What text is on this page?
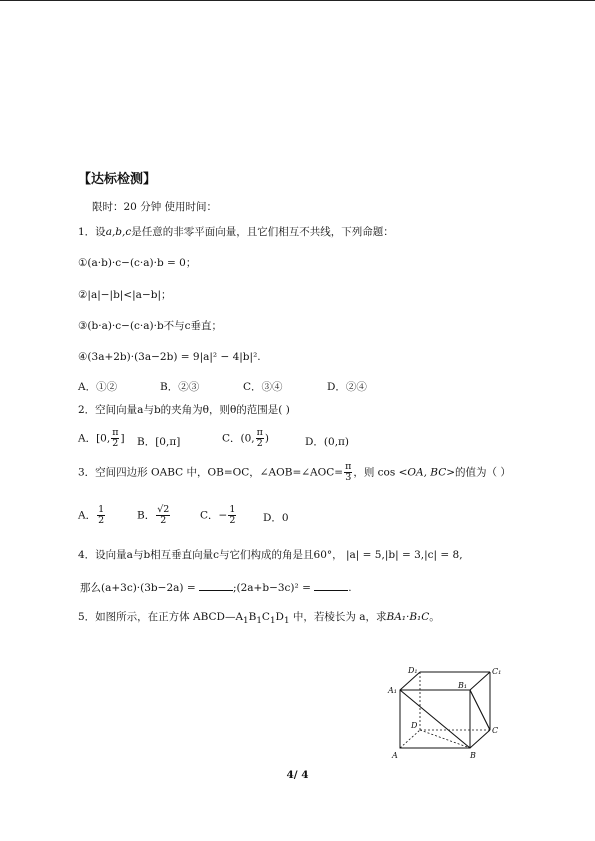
【达标检测】
限时：20 分钟 使用时间：
1．设a,b,c是任意的非零平面向量，且它们相互不共线，下列命题：
①(a·b)·c−(c·a)·b = 0；
②|a|−|b|<|a−b|；
③(b·a)·c−(c·a)·b不与c垂直；
④(3a+2b)·(3a−2b) = 9|a|² − 4|b|².
A．①②	B．②③	C．③④	D．②④
2．空间向量a与b的夹角为θ，则θ的范围是( )
A．[0, $\frac{\pi}{2}$ ] B．[0,π]	C．(0, $\frac{\pi}{2}$ )	D．(0,π)
3．空间四边形 OABC 中，OB=OC，∠AOB=∠AOC= $\frac{\pi}{3}$ ，则 cos <OA, BC>的值为（ ）
A． $\frac{1}{2}$	B． $\frac{√2}{2}$	C．− $\frac{1}{2}$	D．0
4．设向量a与b相互垂直向量c与它们构成的角是且60°， |a| = 5,|b| = 3,|c| = 8,
那么(a+3c)·(3b−2a) =	;(2a+b−3c)² =	.
5．如图所示，在正方体 $ABCD—A_1B_1C_1D_1$ 中，若棱长为 a，求BA₁·B₁C。
D₁	C₁
A₁
B₁
D
C
A	B
4/ 4
